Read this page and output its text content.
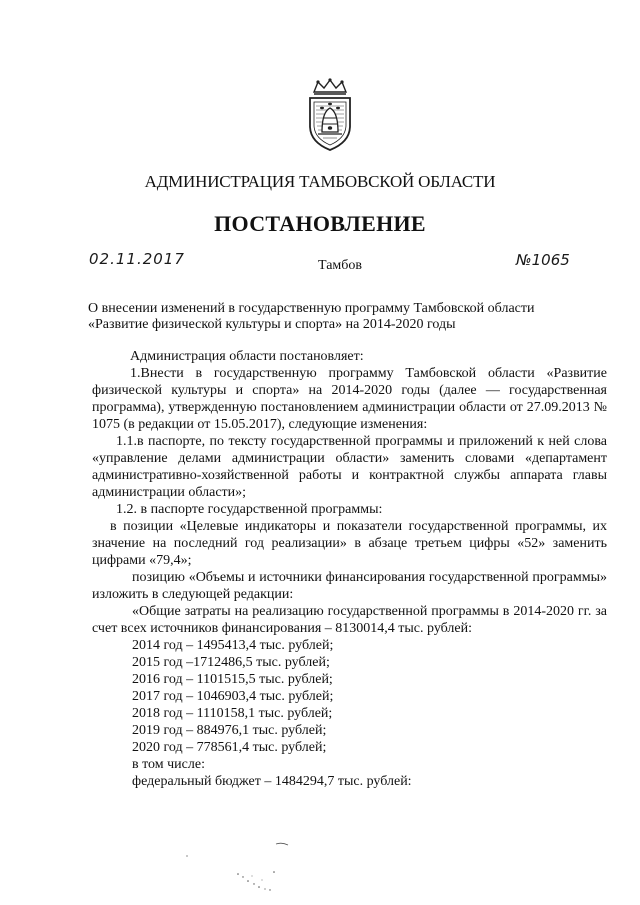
АДМИНИСТРАЦИЯ ТАМБОВСКОЙ ОБЛАСТИ
ПОСТАНОВЛЕНИЕ
02.11.2017	Тамбов	№1065
О внесении изменений в государственную программу Тамбовской области
«Развитие физической культуры и спорта» на 2014-2020 годы

Администрация области постановляет:

1.Внести в государственную программу Тамбовской области «Развитие физической культуры и спорта» на 2014-2020 годы (далее — государственная программа), утвержденную постановлением администрации области от 27.09.2013 № 1075 (в редакции от 15.05.2017), следующие изменения:

1.1.в паспорте, по тексту государственной программы и приложений к ней слова «управление делами администрации области» заменить словами «департамент административно-хозяйственной работы и контрактной службы аппарата главы администрации области»;

1.2. в паспорте государственной программы:

в позиции «Целевые индикаторы и показатели государственной программы, их значение на последний год реализации» в абзаце третьем цифры «52» заменить цифрами «79,4»;

позицию «Объемы и источники финансирования государственной программы» изложить в следующей редакции:

«Общие затраты на реализацию государственной программы в 2014-2020 гг. за счет всех источников финансирования – 8130014,4 тыс. рублей:

2014 год – 1495413,4 тыс. рублей;
2015 год –1712486,5 тыс. рублей;
2016 год – 1101515,5 тыс. рублей;
2017 год – 1046903,4 тыс. рублей;
2018 год – 1110158,1 тыс. рублей;
2019 год – 884976,1 тыс. рублей;
2020 год – 778561,4 тыс. рублей;
в том числе:
федеральный бюджет – 1484294,7 тыс. рублей:
